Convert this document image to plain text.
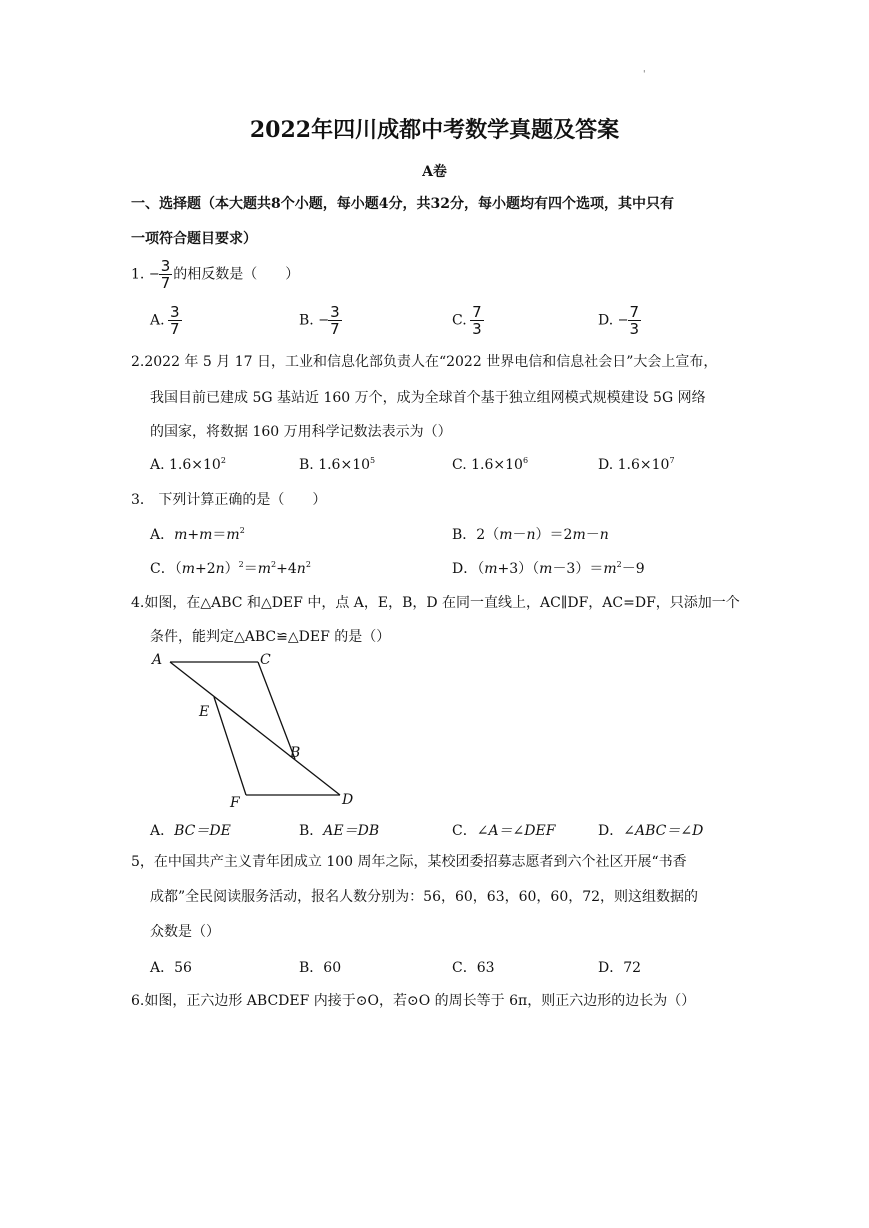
'
2022年四川成都中考数学真题及答案
A卷
一、选择题（本大题共8个小题，每小题4分，共32分，每小题均有四个选项，其中只有
一项符合题目要求）
1. − $\frac{3}{7}$ 的相反数是（　　）
A. $\frac{3}{7}$	B. − $\frac{3}{7}$	C. $\frac{7}{3}$	D. − $\frac{7}{3}$
2.2022 年 5 月 17 日，工业和信息化部负责人在“2022 世界电信和信息社会日”大会上宣布，
我国目前已建成 5G 基站近 160 万个，成为全球首个基于独立组网模式规模建设 5G 网络
的国家，将数据 160 万用科学记数法表示为（）
A. $1.6\times 10^2$	B. $1.6\times 10^5$	C. $1.6\times 10^6$	D. $1.6\times 10^7$
3． 下列计算正确的是（　　）
A．$m+m=m^2$	B．2（m－n）＝2m－n
C．$(m+2n)^2=m^2+4n^2$	D．$(m+3)(m-3)=m^2-9$
4.如图，在△ABC 和△DEF 中，点 A，E，B，D 在同一直线上，AC∥DF，AC=DF，只添加一个
条件，能判定△ABC≌△DEF 的是（）
A	C
E
B
F	D
A．BC＝DE	B．AE＝DB	C．∠A＝∠DEF	D．∠ABC＝∠D
5，在中国共产主义青年团成立 100 周年之际，某校团委招募志愿者到六个社区开展“书香
成都”全民阅读服务活动，报名人数分别为：56，60，63，60，60，72，则这组数据的
众数是（）
A．56	B．60	C．63	D．72
6.如图，正六边形 ABCDEF 内接于⊙O，若⊙O 的周长等于 6π，则正六边形的边长为（）
